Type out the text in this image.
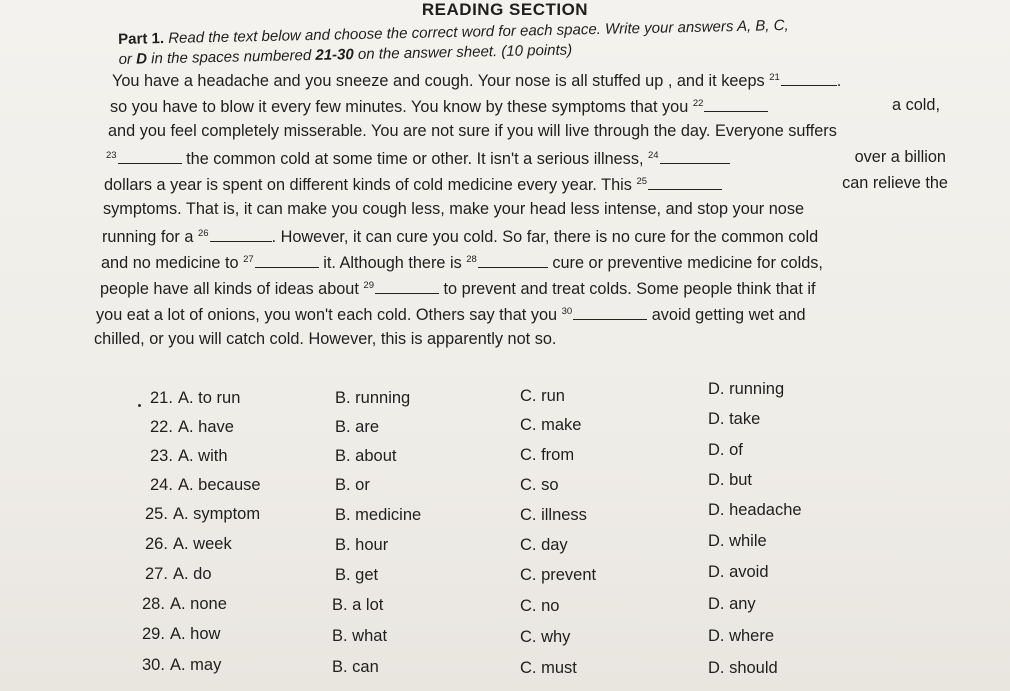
READING SECTION
Part 1. Read the text below and choose the correct word for each space. Write your answers A, B, C,
or D in the spaces numbered 21-30 on the answer sheet. (10 points)
You have a headache and you sneeze and cough. Your nose is all stuffed up , and it keeps $^{21}$	.
so you have to blow it every few minutes. You know by these symptoms that you $^{22}$	a cold,
and you feel completely misserable. You are not sure if you will live through the day. Everyone suffers
$^{23}$	the common cold at some time or other. It isn't a serious illness, $^{24}$	over a billion
dollars a year is spent on different kinds of cold medicine every year. This $^{25}$	can relieve the
symptoms. That is, it can make you cough less, make your head less intense, and stop your nose
running for a $^{26}$	. However, it can cure you cold. So far, there is no cure for the common cold
and no medicine to $^{27}$	it. Although there is $^{28}$	cure or preventive medicine for colds,
people have all kinds of ideas about $^{29}$	to prevent and treat colds. Some people think that if
you eat a lot of onions, you won't each cold. Others say that you $^{30}$	avoid getting wet and
chilled, or you will catch cold. However, this is apparently not so.
21. A. to run	B. running	C. run	D. running
22. A. have	B. are	C. make	D. take
23. A. with	B. about	C. from	D. of
24. A. because	B. or	C. so	D. but
25. A. symptom	B. medicine	C. illness	D. headache
26. A. week	B. hour	C. day	D. while
27. A. do	B. get	C. prevent	D. avoid
28. A. none	B. a lot	C. no	D. any
29. A. how	B. what	C. why	D. where
30. A. may	B. can	C. must	D. should
